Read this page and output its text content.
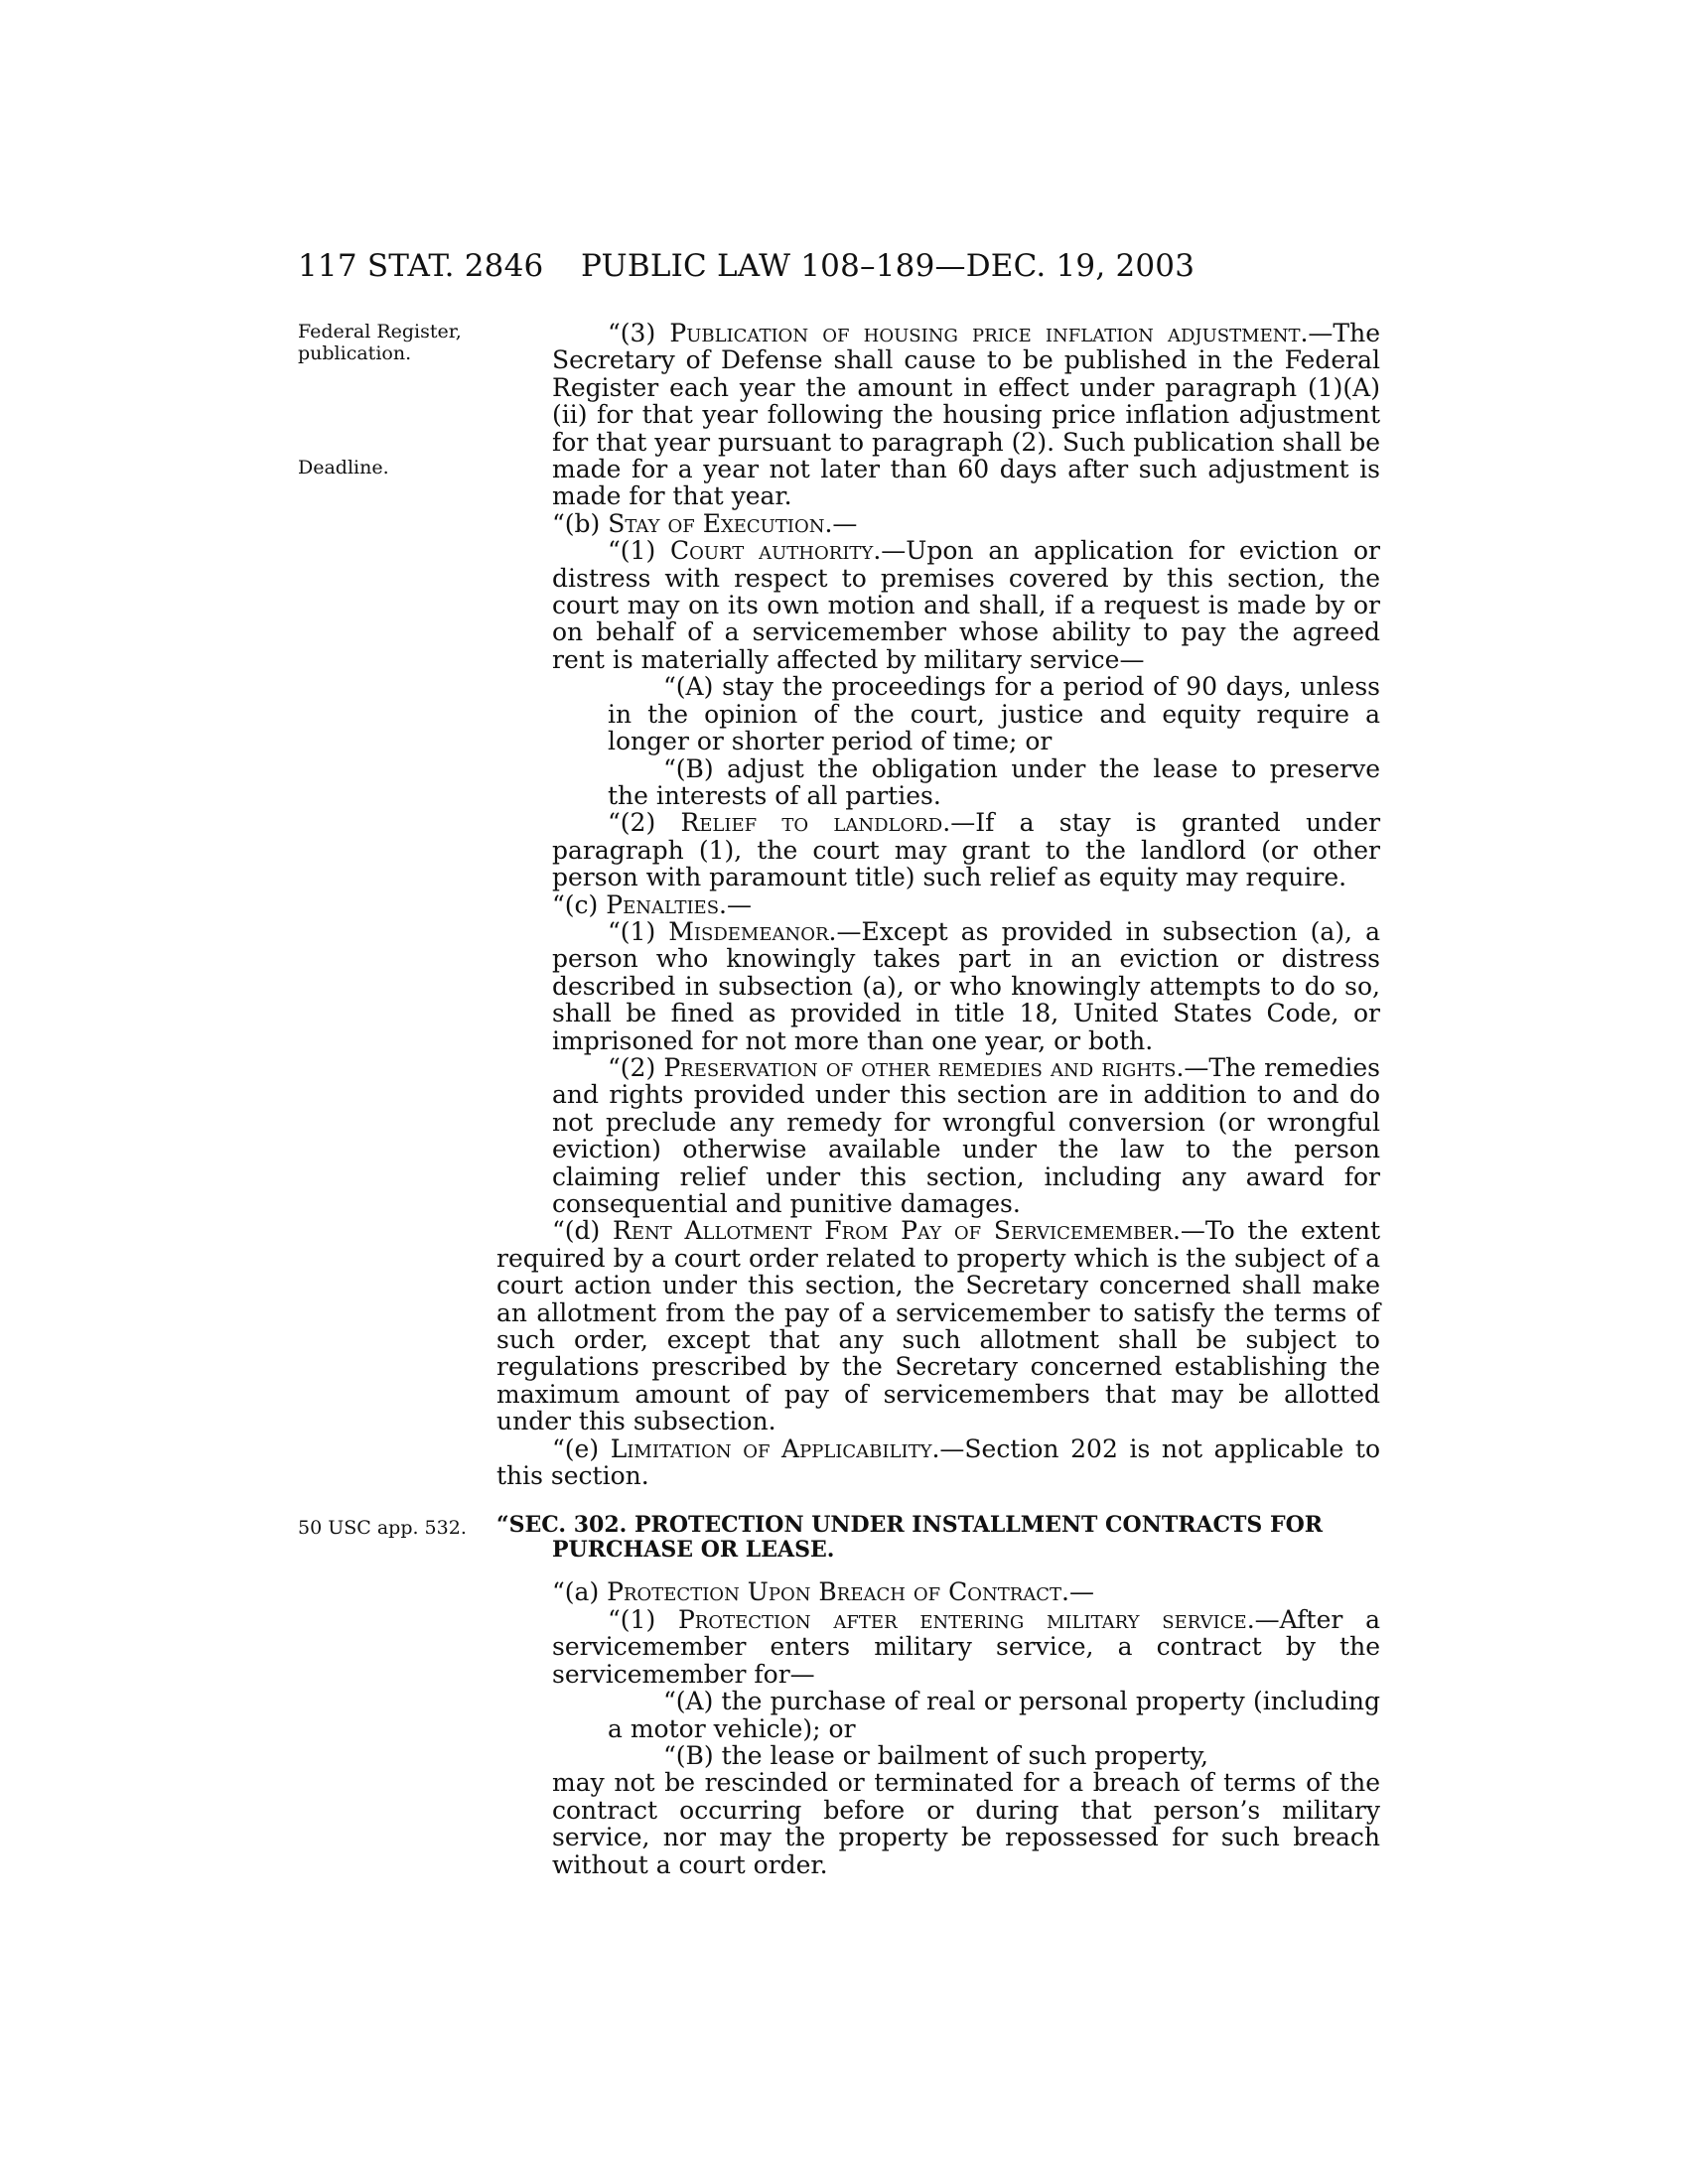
117 STAT. 2846 PUBLIC LAW 108–189—DEC. 19, 2003
Federal Register, publication.
Deadline.
50 USC app. 532.

“(3) Publication of housing price inflation adjustment.—The Secretary of Defense shall cause to be published in the Federal Register each year the amount in effect under paragraph (1)(A)(ii) for that year following the housing price inflation adjustment for that year pursuant to paragraph (2). Such publication shall be made for a year not later than 60 days after such adjustment is made for that year.

“(b) Stay of Execution.—

“(1) Court authority.—Upon an application for eviction or distress with respect to premises covered by this section, the court may on its own motion and shall, if a request is made by or on behalf of a servicemember whose ability to pay the agreed rent is materially affected by military service—

“(A) stay the proceedings for a period of 90 days, unless in the opinion of the court, justice and equity require a longer or shorter period of time; or

“(B) adjust the obligation under the lease to preserve the interests of all parties.

“(2) Relief to landlord.—If a stay is granted under paragraph (1), the court may grant to the landlord (or other person with paramount title) such relief as equity may require.

“(c) Penalties.—

“(1) Misdemeanor.—Except as provided in subsection (a), a person who knowingly takes part in an eviction or distress described in subsection (a), or who knowingly attempts to do so, shall be fined as provided in title 18, United States Code, or imprisoned for not more than one year, or both.

“(2) Preservation of other remedies and rights.—The remedies and rights provided under this section are in addition to and do not preclude any remedy for wrongful conversion (or wrongful eviction) otherwise available under the law to the person claiming relief under this section, including any award for consequential and punitive damages.

“(d) Rent Allotment From Pay of Servicemember.—To the extent required by a court order related to property which is the subject of a court action under this section, the Secretary concerned shall make an allotment from the pay of a servicemember to satisfy the terms of such order, except that any such allotment shall be subject to regulations prescribed by the Secretary concerned establishing the maximum amount of pay of servicemembers that may be allotted under this subsection.

“(e) Limitation of Applicability.—Section 202 is not applicable to this section.

“SEC. 302. PROTECTION UNDER INSTALLMENT CONTRACTS FOR PURCHASE OR LEASE.

“(a) Protection Upon Breach of Contract.—

“(1) Protection after entering military service.—After a servicemember enters military service, a contract by the servicemember for—

“(A) the purchase of real or personal property (including a motor vehicle); or

“(B) the lease or bailment of such property,

may not be rescinded or terminated for a breach of terms of the contract occurring before or during that person’s military service, nor may the property be repossessed for such breach without a court order.
